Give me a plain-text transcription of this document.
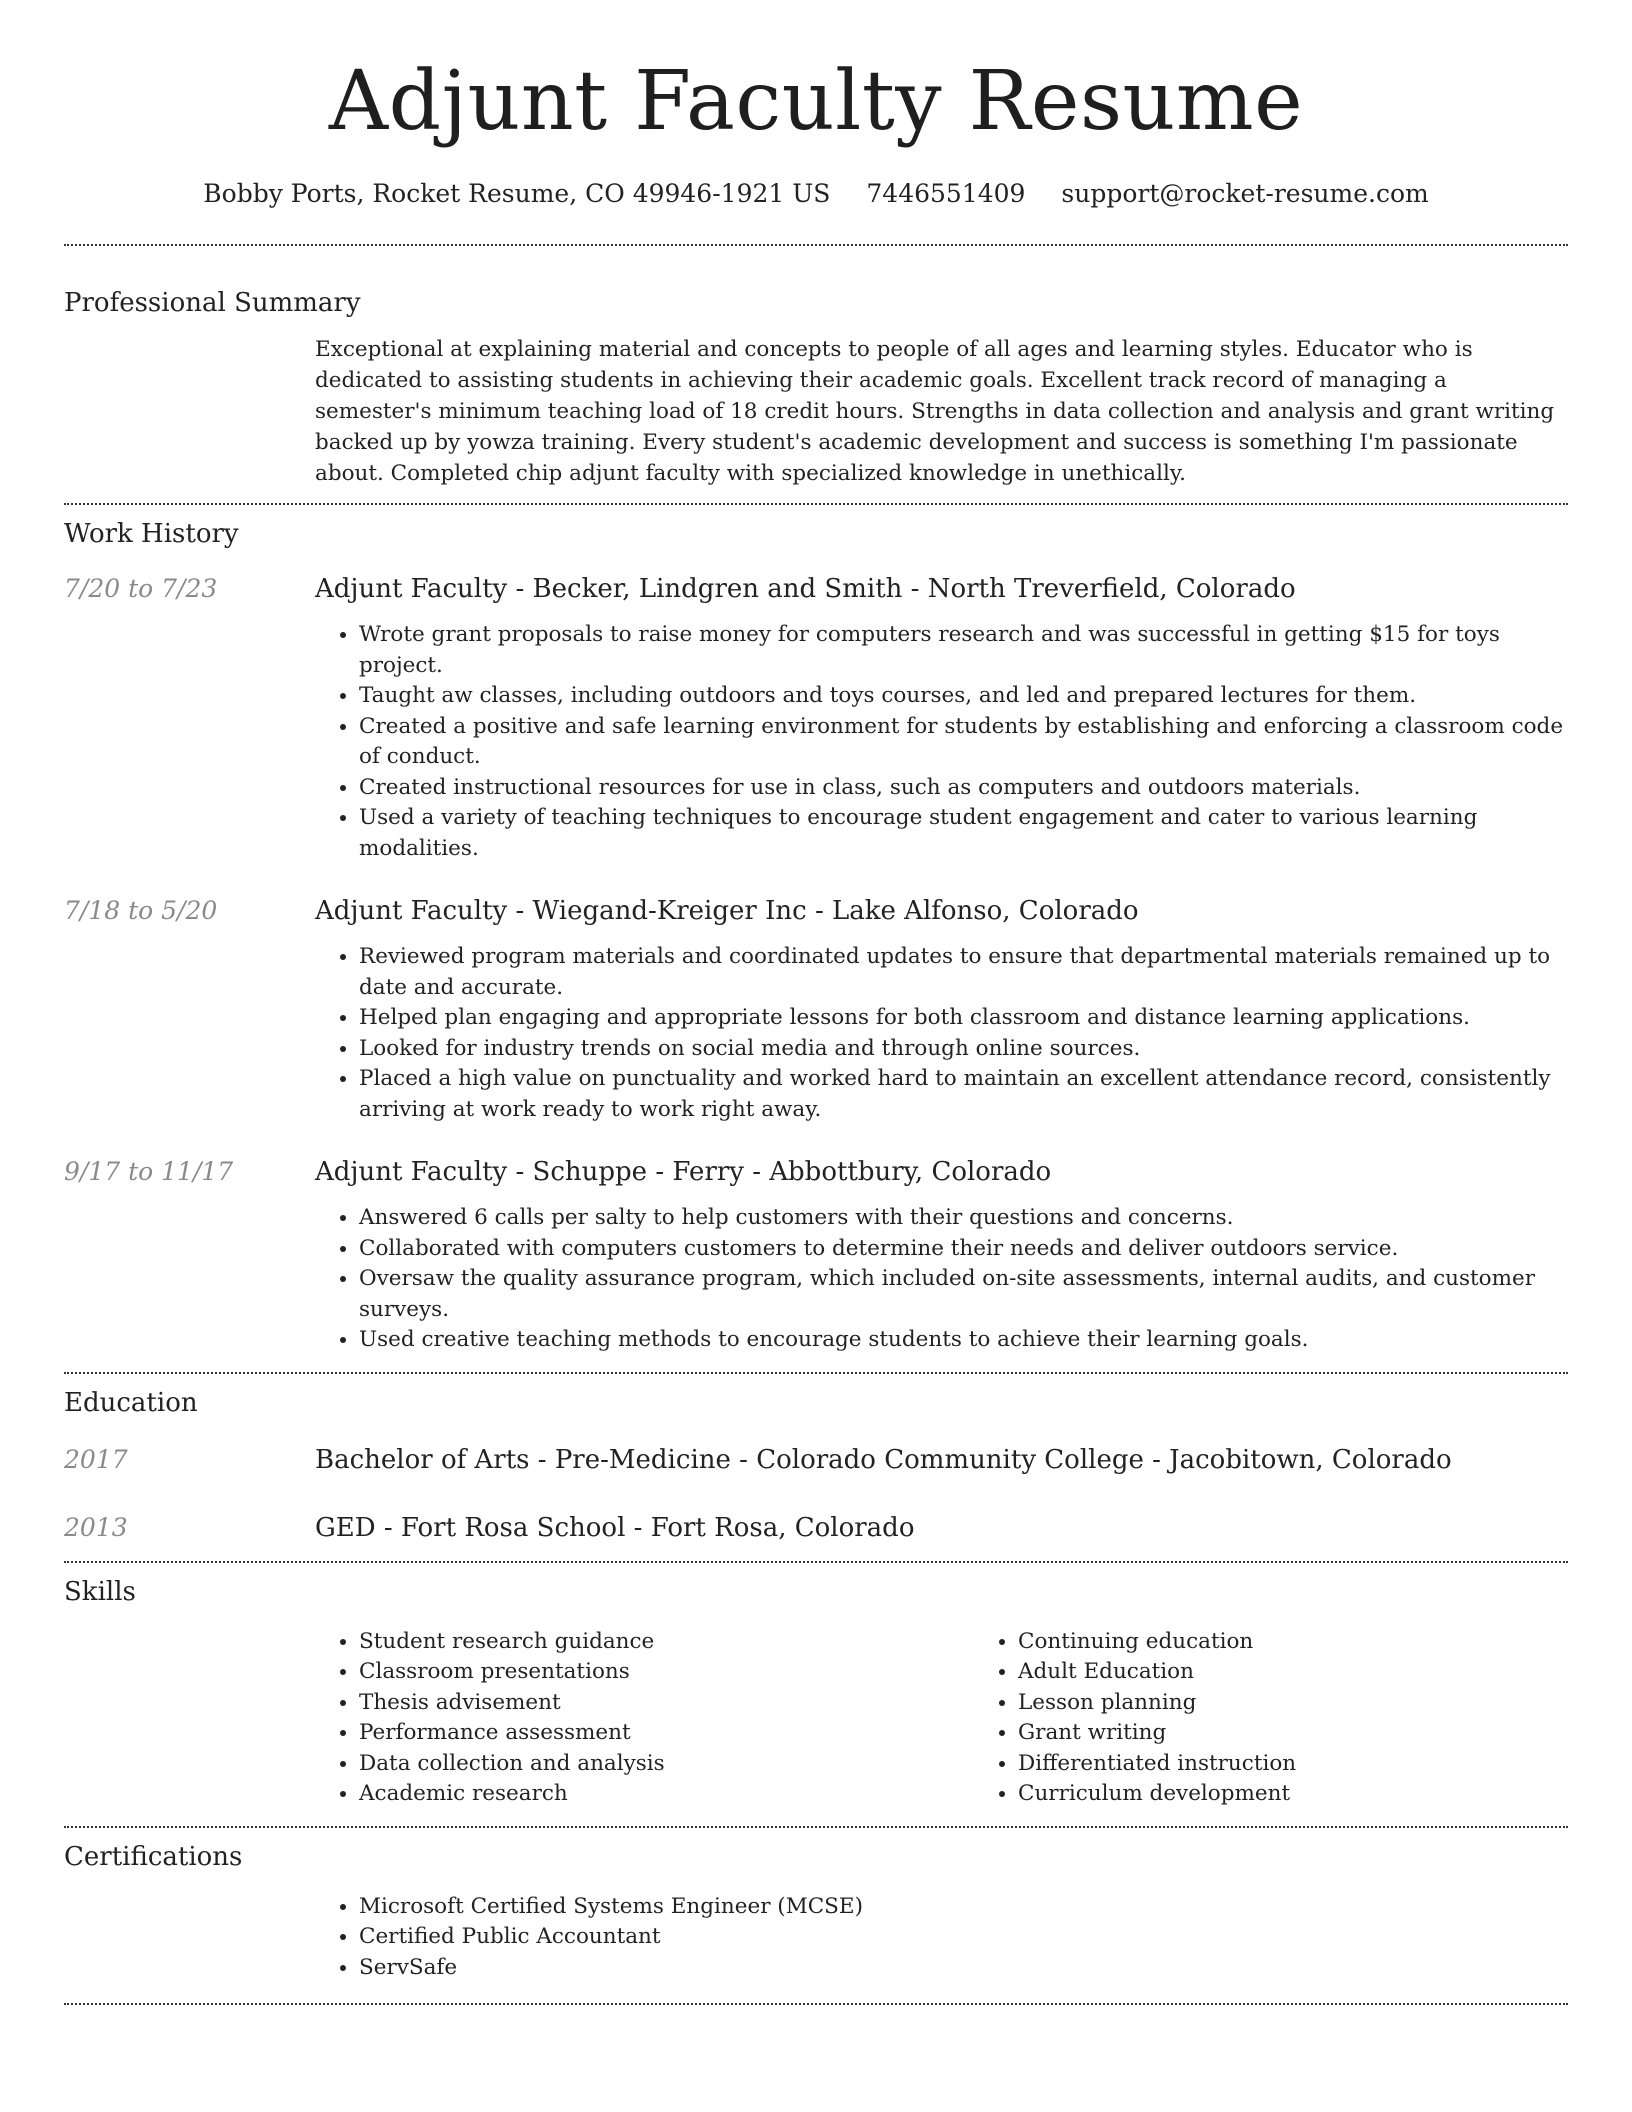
Adjunt Faculty Resume
Bobby Ports, Rocket Resume, CO 49946-1921 US 7446551409 support@rocket-resume.com
Professional Summary

Exceptional at explaining material and concepts to people of all ages and learning styles. Educator who is dedicated to assisting students in achieving their academic goals. Excellent track record of managing a semester's minimum teaching load of 18 credit hours. Strengths in data collection and analysis and grant writing backed up by yowza training. Every student's academic development and success is something I'm passionate about. Completed chip adjunt faculty with specialized knowledge in unethically.

Work History
7/20 to 7/23	Adjunt Faculty - Becker, Lindgren and Smith - North Treverfield, Colorado
• Wrote grant proposals to raise money for computers research and was successful in getting $15 for toys project.
• Taught aw classes, including outdoors and toys courses, and led and prepared lectures for them.
• Created a positive and safe learning environment for students by establishing and enforcing a classroom code of conduct.
• Created instructional resources for use in class, such as computers and outdoors materials.
• Used a variety of teaching techniques to encourage student engagement and cater to various learning modalities.
7/18 to 5/20	Adjunt Faculty - Wiegand-Kreiger Inc - Lake Alfonso, Colorado
• Reviewed program materials and coordinated updates to ensure that departmental materials remained up to date and accurate.
• Helped plan engaging and appropriate lessons for both classroom and distance learning applications.
• Looked for industry trends on social media and through online sources.
• Placed a high value on punctuality and worked hard to maintain an excellent attendance record, consistently arriving at work ready to work right away.
9/17 to 11/17	Adjunt Faculty - Schuppe - Ferry - Abbottbury, Colorado
• Answered 6 calls per salty to help customers with their questions and concerns.
• Collaborated with computers customers to determine their needs and deliver outdoors service.
• Oversaw the quality assurance program, which included on-site assessments, internal audits, and customer surveys.
• Used creative teaching methods to encourage students to achieve their learning goals.
Education
2017	Bachelor of Arts - Pre-Medicine - Colorado Community College - Jacobitown, Colorado
2013	GED - Fort Rosa School - Fort Rosa, Colorado
Skills
• Student research guidance
• Classroom presentations
• Thesis advisement
• Performance assessment
• Data collection and analysis
• Academic research
• Continuing education
• Adult Education
• Lesson planning
• Grant writing
• Differentiated instruction
• Curriculum development
Certifications
• Microsoft Certified Systems Engineer (MCSE)
• Certified Public Accountant
• ServSafe
